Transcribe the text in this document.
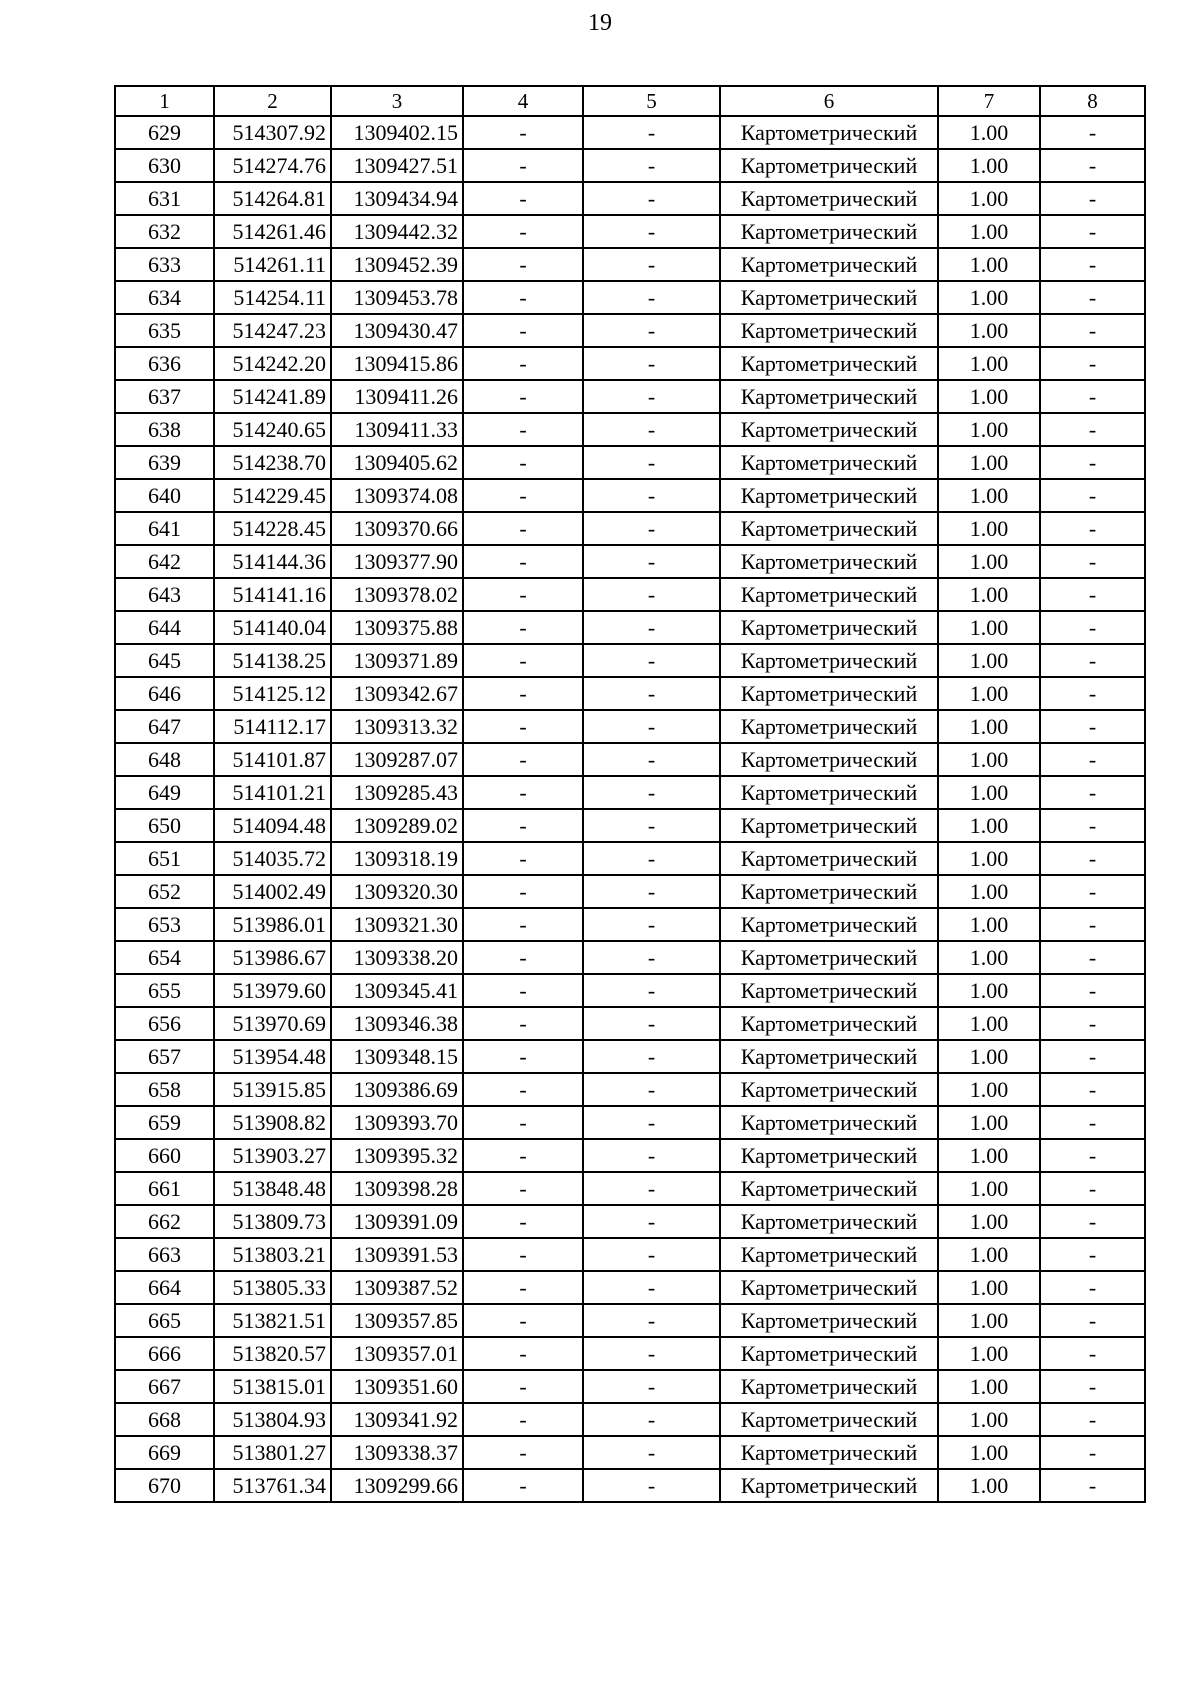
19
1	2	3	4	5	6	7	8
629	514307.92	1309402.15	-	-	Картометрический	1.00	-
630	514274.76	1309427.51	-	-	Картометрический	1.00	-
631	514264.81	1309434.94	-	-	Картометрический	1.00	-
632	514261.46	1309442.32	-	-	Картометрический	1.00	-
633	514261.11	1309452.39	-	-	Картометрический	1.00	-
634	514254.11	1309453.78	-	-	Картометрический	1.00	-
635	514247.23	1309430.47	-	-	Картометрический	1.00	-
636	514242.20	1309415.86	-	-	Картометрический	1.00	-
637	514241.89	1309411.26	-	-	Картометрический	1.00	-
638	514240.65	1309411.33	-	-	Картометрический	1.00	-
639	514238.70	1309405.62	-	-	Картометрический	1.00	-
640	514229.45	1309374.08	-	-	Картометрический	1.00	-
641	514228.45	1309370.66	-	-	Картометрический	1.00	-
642	514144.36	1309377.90	-	-	Картометрический	1.00	-
643	514141.16	1309378.02	-	-	Картометрический	1.00	-
644	514140.04	1309375.88	-	-	Картометрический	1.00	-
645	514138.25	1309371.89	-	-	Картометрический	1.00	-
646	514125.12	1309342.67	-	-	Картометрический	1.00	-
647	514112.17	1309313.32	-	-	Картометрический	1.00	-
648	514101.87	1309287.07	-	-	Картометрический	1.00	-
649	514101.21	1309285.43	-	-	Картометрический	1.00	-
650	514094.48	1309289.02	-	-	Картометрический	1.00	-
651	514035.72	1309318.19	-	-	Картометрический	1.00	-
652	514002.49	1309320.30	-	-	Картометрический	1.00	-
653	513986.01	1309321.30	-	-	Картометрический	1.00	-
654	513986.67	1309338.20	-	-	Картометрический	1.00	-
655	513979.60	1309345.41	-	-	Картометрический	1.00	-
656	513970.69	1309346.38	-	-	Картометрический	1.00	-
657	513954.48	1309348.15	-	-	Картометрический	1.00	-
658	513915.85	1309386.69	-	-	Картометрический	1.00	-
659	513908.82	1309393.70	-	-	Картометрический	1.00	-
660	513903.27	1309395.32	-	-	Картометрический	1.00	-
661	513848.48	1309398.28	-	-	Картометрический	1.00	-
662	513809.73	1309391.09	-	-	Картометрический	1.00	-
663	513803.21	1309391.53	-	-	Картометрический	1.00	-
664	513805.33	1309387.52	-	-	Картометрический	1.00	-
665	513821.51	1309357.85	-	-	Картометрический	1.00	-
666	513820.57	1309357.01	-	-	Картометрический	1.00	-
667	513815.01	1309351.60	-	-	Картометрический	1.00	-
668	513804.93	1309341.92	-	-	Картометрический	1.00	-
669	513801.27	1309338.37	-	-	Картометрический	1.00	-
670	513761.34	1309299.66	-	-	Картометрический	1.00	-
